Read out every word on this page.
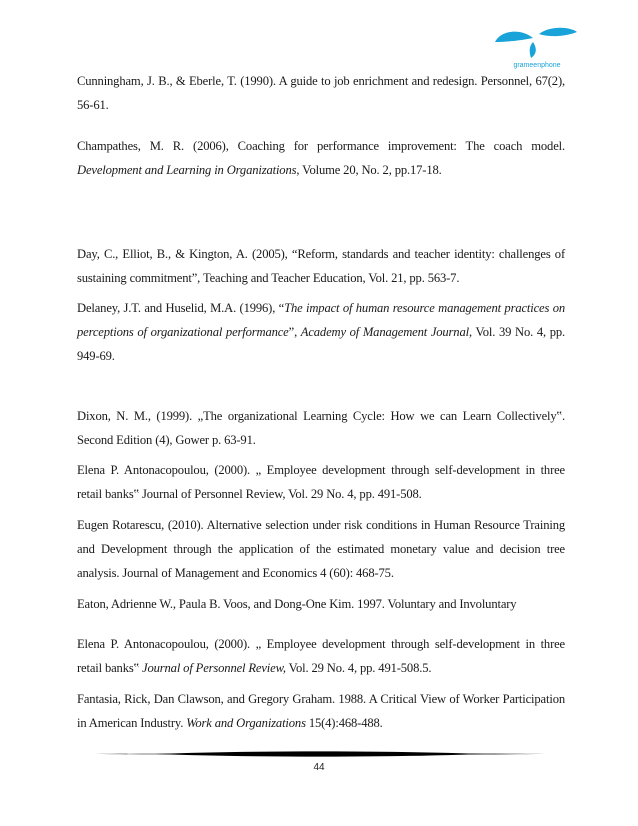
grameenphone
Cunningham, J. B., & Eberle, T. (1990). A guide to job enrichment and redesign. Personnel, 67(2), 56-61.
Champathes, M. R. (2006), Coaching for performance improvement: The coach model. Development and Learning in Organizations, Volume 20, No. 2, pp.17-18.
Day, C., Elliot, B., & Kington, A. (2005), “Reform, standards and teacher identity: challenges of sustaining commitment”, Teaching and Teacher Education, Vol. 21, pp. 563-7.
Delaney, J.T. and Huselid, M.A. (1996), “The impact of human resource management practices on perceptions of organizational performance”, Academy of Management Journal, Vol. 39 No. 4, pp. 949-69.
Dixon, N. M., (1999). „The organizational Learning Cycle: How we can Learn Collectively‟. Second Edition (4), Gower p. 63-91.
Elena P. Antonacopoulou, (2000). „ Employee development through self-development in three retail banks‟ Journal of Personnel Review, Vol. 29 No. 4, pp. 491-508.
Eugen Rotarescu, (2010). Alternative selection under risk conditions in Human Resource Training and Development through the application of the estimated monetary value and decision tree analysis. Journal of Management and Economics 4 (60): 468-75.
Eaton, Adrienne W., Paula B. Voos, and Dong-One Kim. 1997. Voluntary and Involuntary
Elena P. Antonacopoulou, (2000). „ Employee development through self-development in three retail banks‟ Journal of Personnel Review, Vol. 29 No. 4, pp. 491-508.5.
Fantasia, Rick, Dan Clawson, and Gregory Graham. 1988. A Critical View of Worker Participation in American Industry. Work and Organizations 15(4):468-488.
44
